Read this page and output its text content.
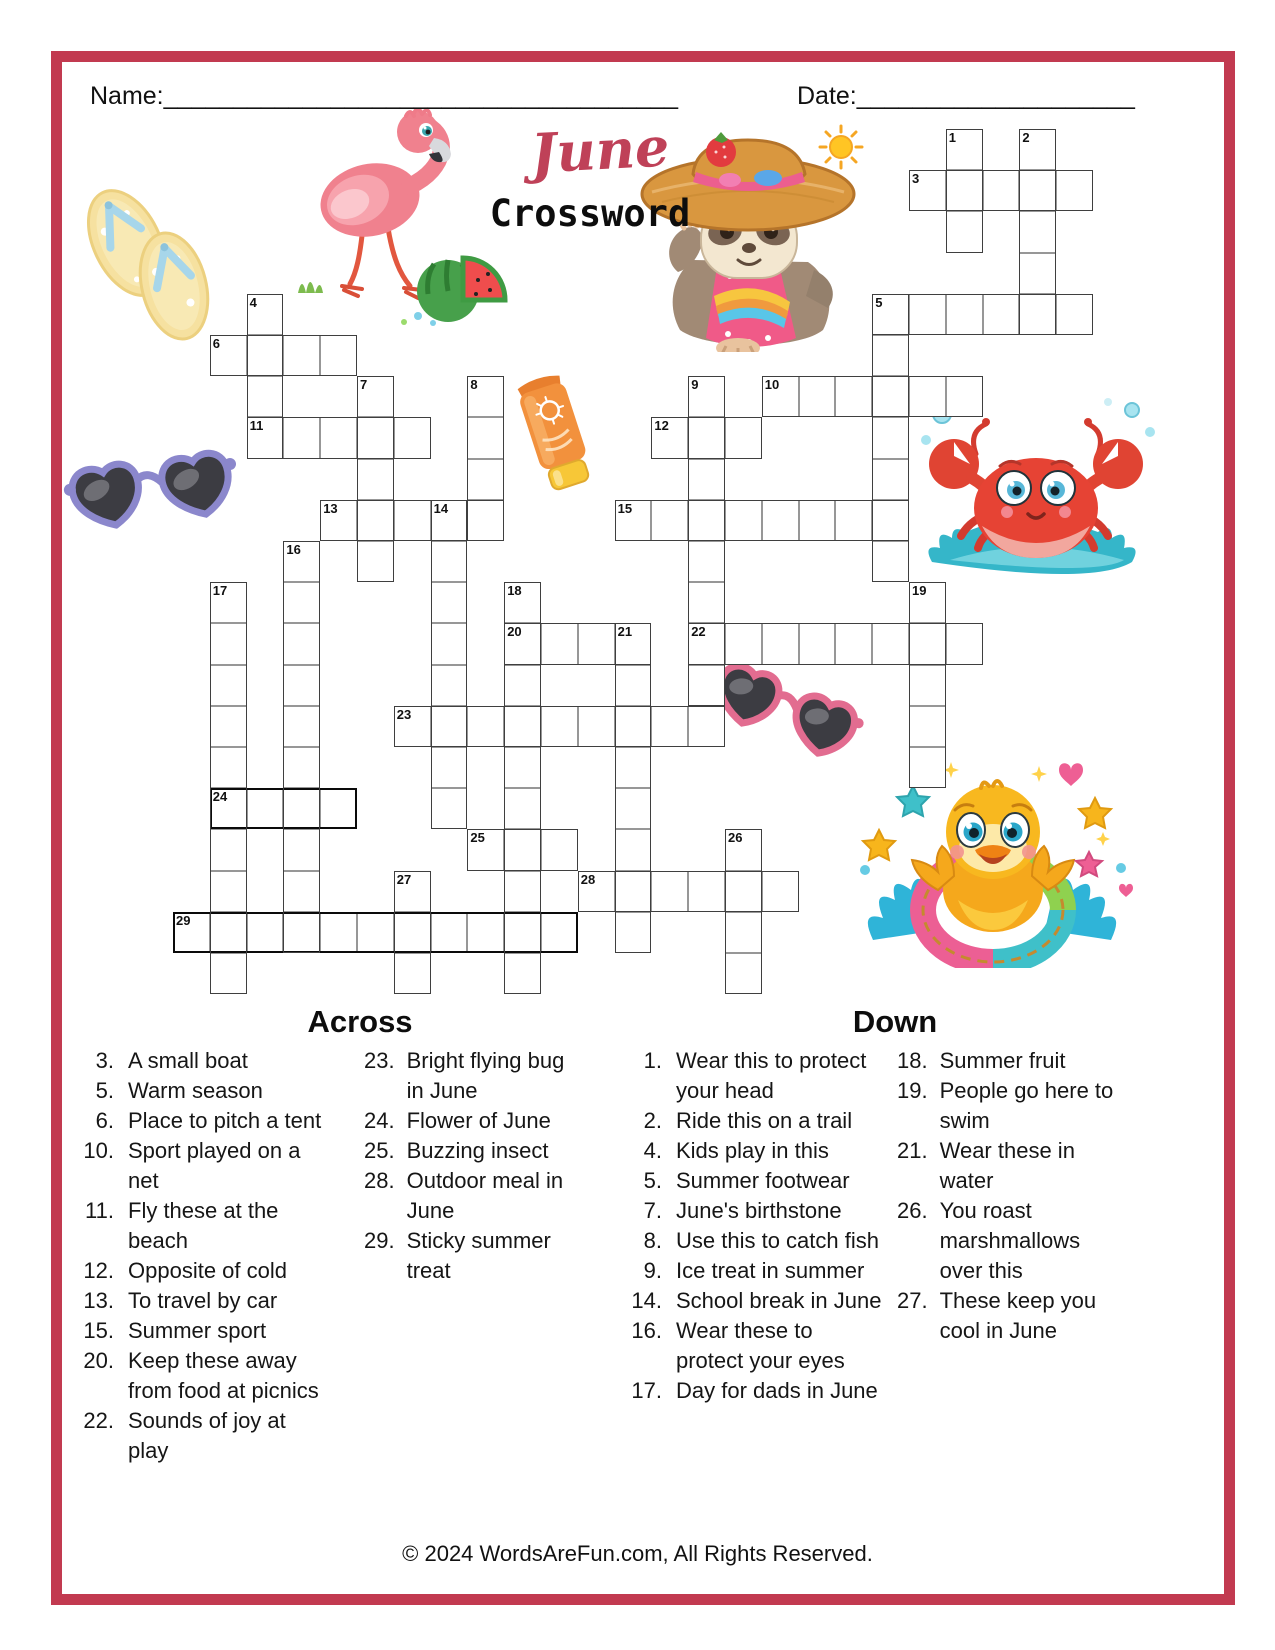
Name:_____________________________________	Date:____________________
June
Crossword
3
5
6
10
11	12
13	14	15
20	21	22
23
24
25
28
29
1	2
4
7	8	9
16
17	18	19
26
27
Across	Down
3. A small boat
5. Warm season
6. Place to pitch a tent
10. Sport played on a net
11. Fly these at the beach
12. Opposite of cold
13. To travel by car
15. Summer sport
20. Keep these away from food at picnics
22. Sounds of joy at play
23. Bright flying bug in June
24. Flower of June
25. Buzzing insect
28. Outdoor meal in June
29. Sticky summer treat
1. Wear this to protect your head
2. Ride this on a trail
4. Kids play in this
5. Summer footwear
7. June's birthstone
8. Use this to catch fish
9. Ice treat in summer
14. School break in June
16. Wear these to protect your eyes
17. Day for dads in June
18. Summer fruit
19. People go here to swim
21. Wear these in water
26. You roast marshmallows over this
27. These keep you cool in June
© 2024 WordsAreFun.com, All Rights Reserved.
